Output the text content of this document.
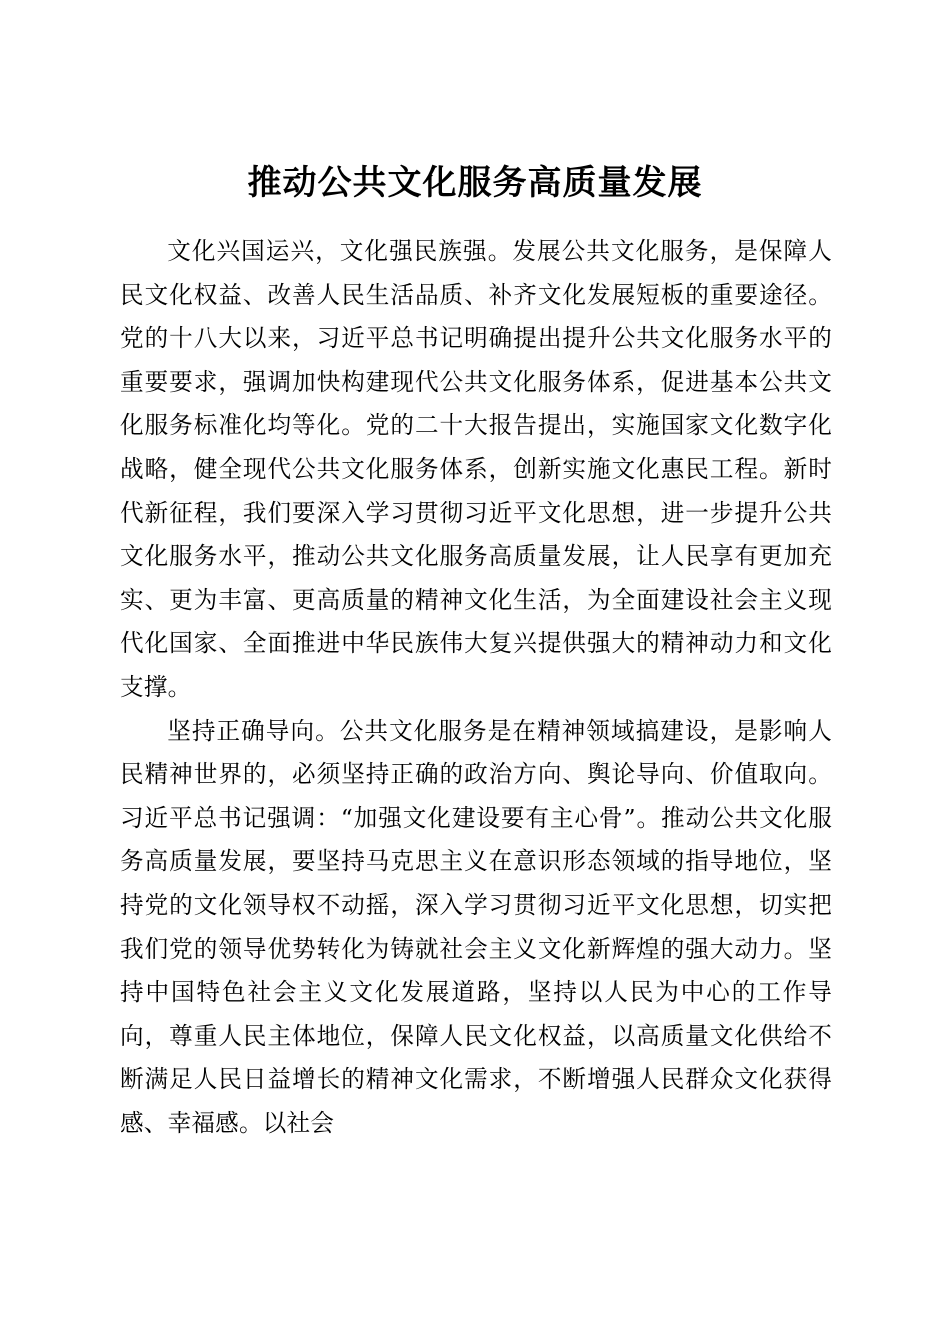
推动公共文化服务高质量发展

文化兴国运兴，文化强民族强。发展公共文化服务，是保障人民文化权益、改善人民生活品质、补齐文化发展短板的重要途径。党的十八大以来，习近平总书记明确提出提升公共文化服务水平的重要要求，强调加快构建现代公共文化服务体系，促进基本公共文化服务标准化均等化。党的二十大报告提出，实施国家文化数字化战略，健全现代公共文化服务体系，创新实施文化惠民工程。新时代新征程，我们要深入学习贯彻习近平文化思想，进一步提升公共文化服务水平，推动公共文化服务高质量发展，让人民享有更加充实、更为丰富、更高质量的精神文化生活，为全面建设社会主义现代化国家、全面推进中华民族伟大复兴提供强大的精神动力和文化支撑。

坚持正确导向。公共文化服务是在精神领域搞建设，是影响人民精神世界的，必须坚持正确的政治方向、舆论导向、价值取向。习近平总书记强调：“加强文化建设要有主心骨”。推动公共文化服务高质量发展，要坚持马克思主义在意识形态领域的指导地位，坚持党的文化领导权不动摇，深入学习贯彻习近平文化思想，切实把我们党的领导优势转化为铸就社会主义文化新辉煌的强大动力。坚持中国特色社会主义文化发展道路，坚持以人民为中心的工作导向，尊重人民主体地位，保障人民文化权益，以高质量文化供给不断满足人民日益增长的精神文化需求，不断增强人民群众文化获得感、幸福感。以社会
